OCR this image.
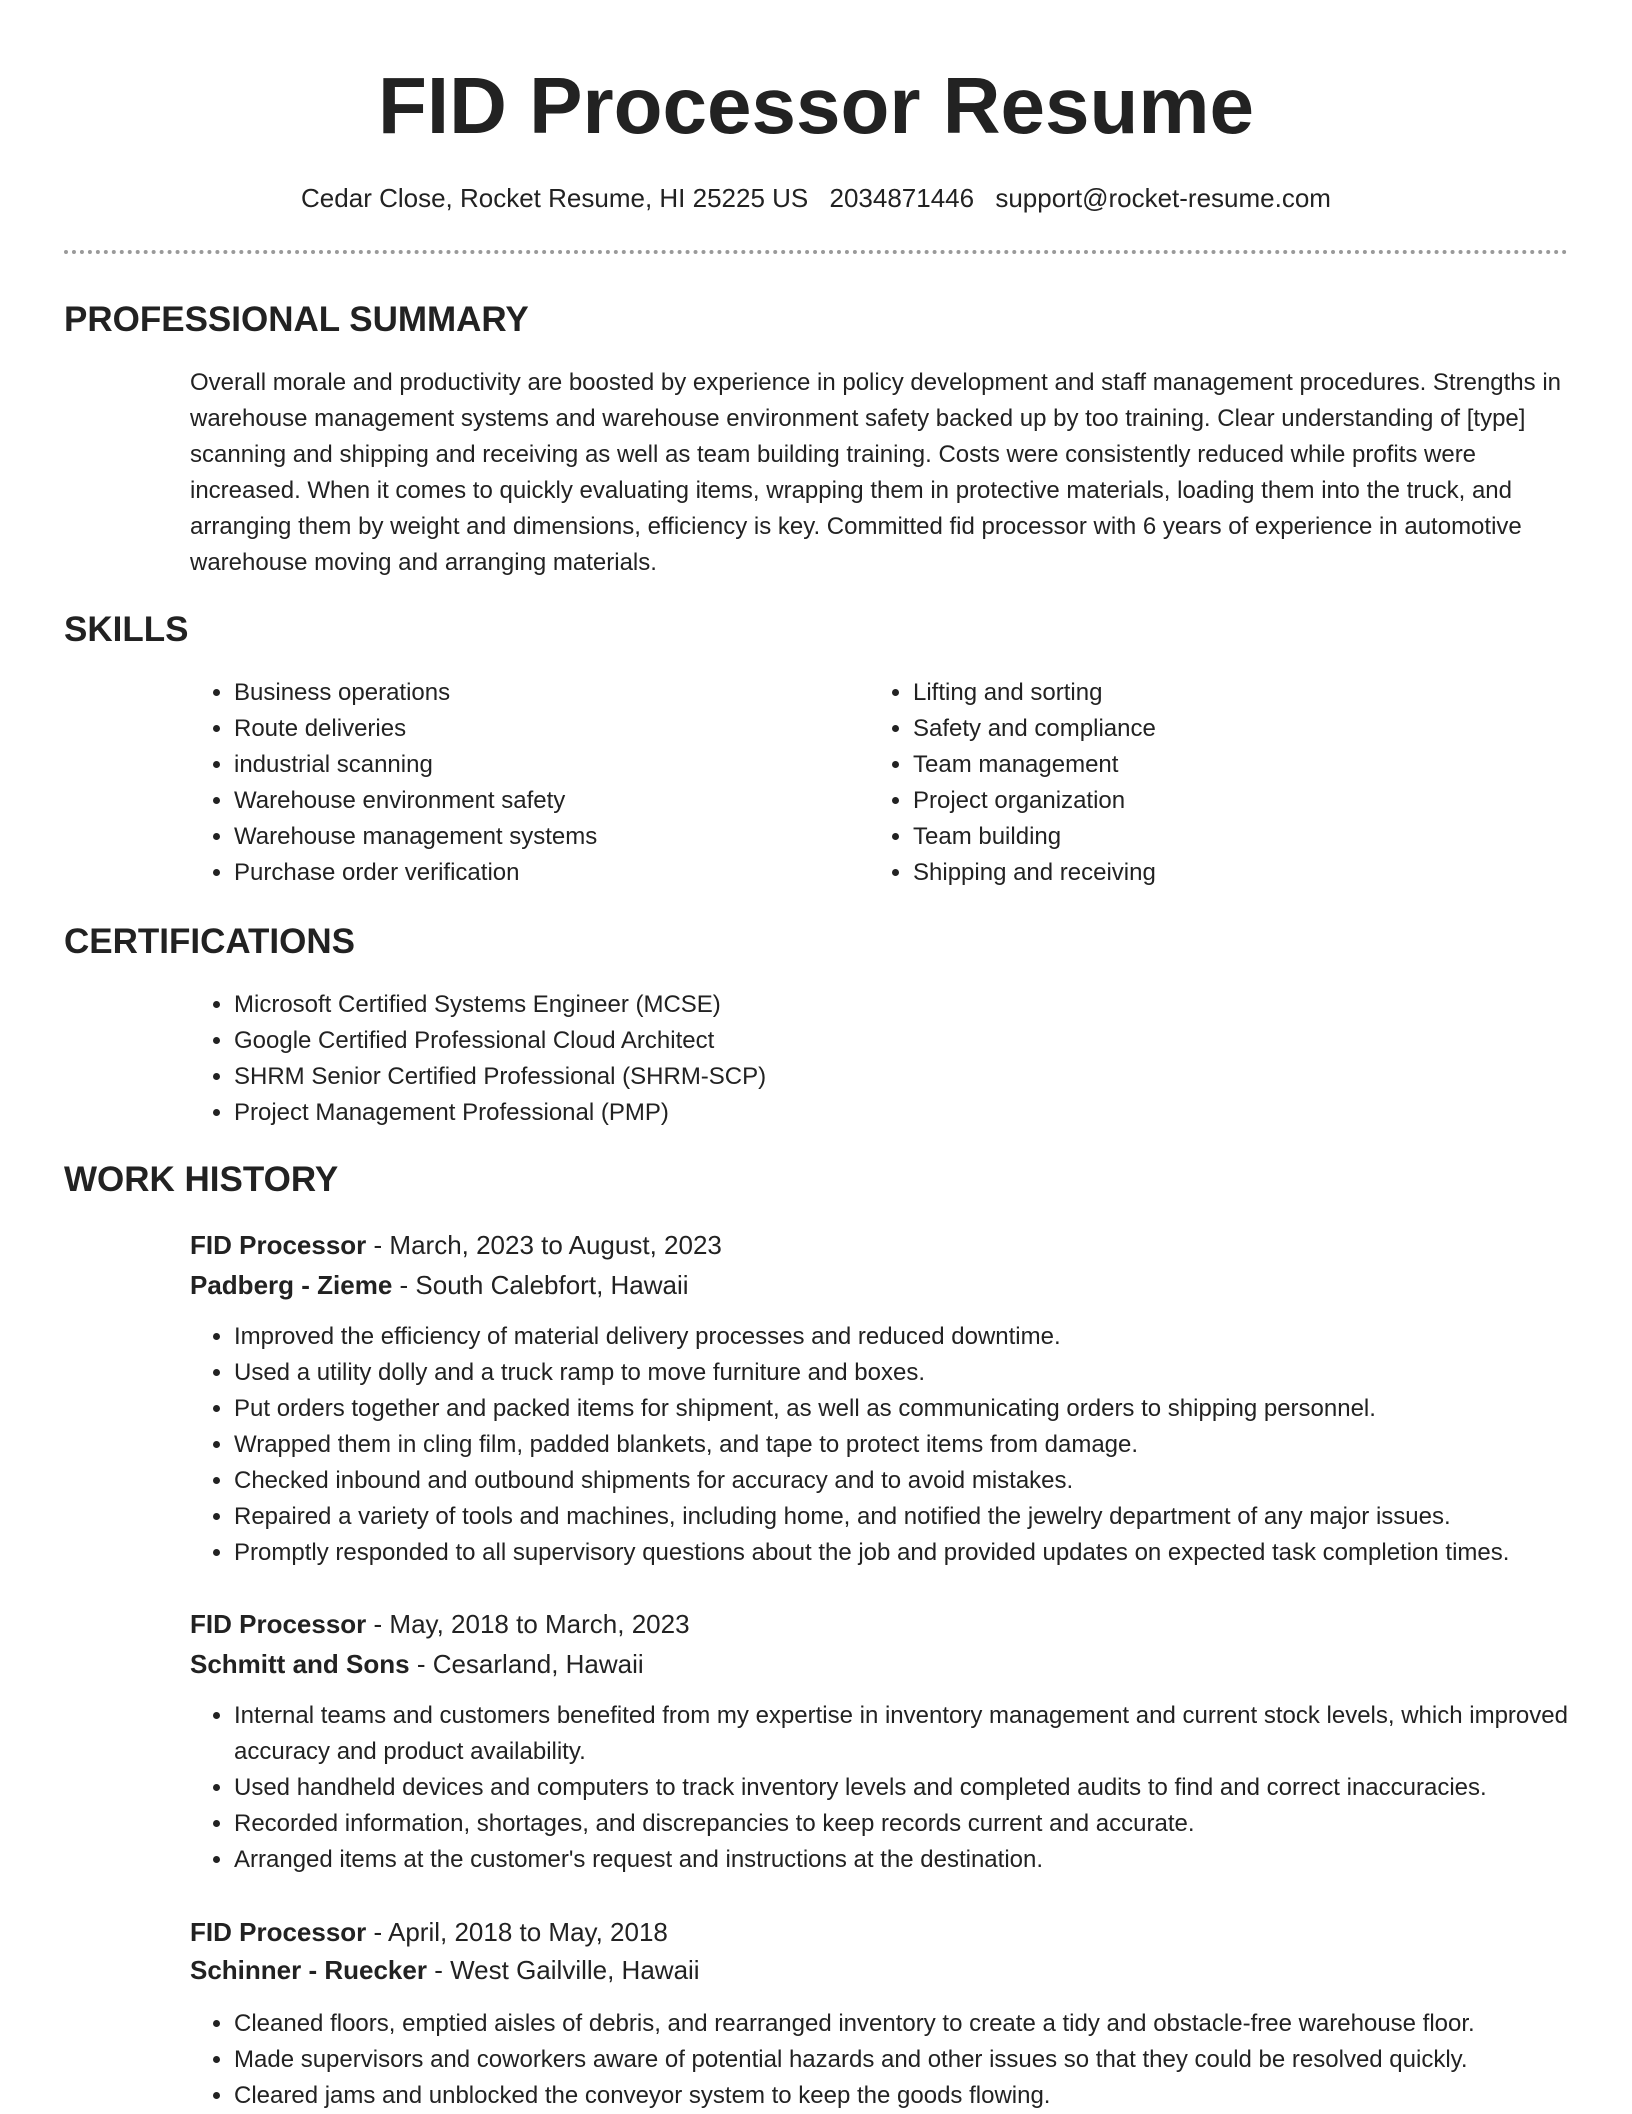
FID Processor Resume
Cedar Close, Rocket Resume, HI 25225 US 2034871446 support@rocket-resume.com
PROFESSIONAL SUMMARY

Overall morale and productivity are boosted by experience in policy development and staff management procedures. Strengths in warehouse management systems and warehouse environment safety backed up by too training. Clear understanding of [type] scanning and shipping and receiving as well as team building training. Costs were consistently reduced while profits were increased. When it comes to quickly evaluating items, wrapping them in protective materials, loading them into the truck, and arranging them by weight and dimensions, efficiency is key. Committed fid processor with 6 years of experience in automotive warehouse moving and arranging materials.

SKILLS
• Business operations
• Route deliveries
• industrial scanning
• Warehouse environment safety
• Warehouse management systems
• Purchase order verification
• Lifting and sorting
• Safety and compliance
• Team management
• Project organization
• Team building
• Shipping and receiving
CERTIFICATIONS
• Microsoft Certified Systems Engineer (MCSE)
• Google Certified Professional Cloud Architect
• SHRM Senior Certified Professional (SHRM-SCP)
• Project Management Professional (PMP)
WORK HISTORY
FID Processor - March, 2023 to August, 2023
Padberg - Zieme - South Calebfort, Hawaii
• Improved the efficiency of material delivery processes and reduced downtime.
• Used a utility dolly and a truck ramp to move furniture and boxes.
• Put orders together and packed items for shipment, as well as communicating orders to shipping personnel.
• Wrapped them in cling film, padded blankets, and tape to protect items from damage.
• Checked inbound and outbound shipments for accuracy and to avoid mistakes.
• Repaired a variety of tools and machines, including home, and notified the jewelry department of any major issues.
• Promptly responded to all supervisory questions about the job and provided updates on expected task completion times.
FID Processor - May, 2018 to March, 2023
Schmitt and Sons - Cesarland, Hawaii
• Internal teams and customers benefited from my expertise in inventory management and current stock levels, which improved accuracy and product availability.
• Used handheld devices and computers to track inventory levels and completed audits to find and correct inaccuracies.
• Recorded information, shortages, and discrepancies to keep records current and accurate.
• Arranged items at the customer's request and instructions at the destination.
FID Processor - April, 2018 to May, 2018
Schinner - Ruecker - West Gailville, Hawaii
• Cleaned floors, emptied aisles of debris, and rearranged inventory to create a tidy and obstacle-free warehouse floor.
• Made supervisors and coworkers aware of potential hazards and other issues so that they could be resolved quickly.
• Cleared jams and unblocked the conveyor system to keep the goods flowing.
